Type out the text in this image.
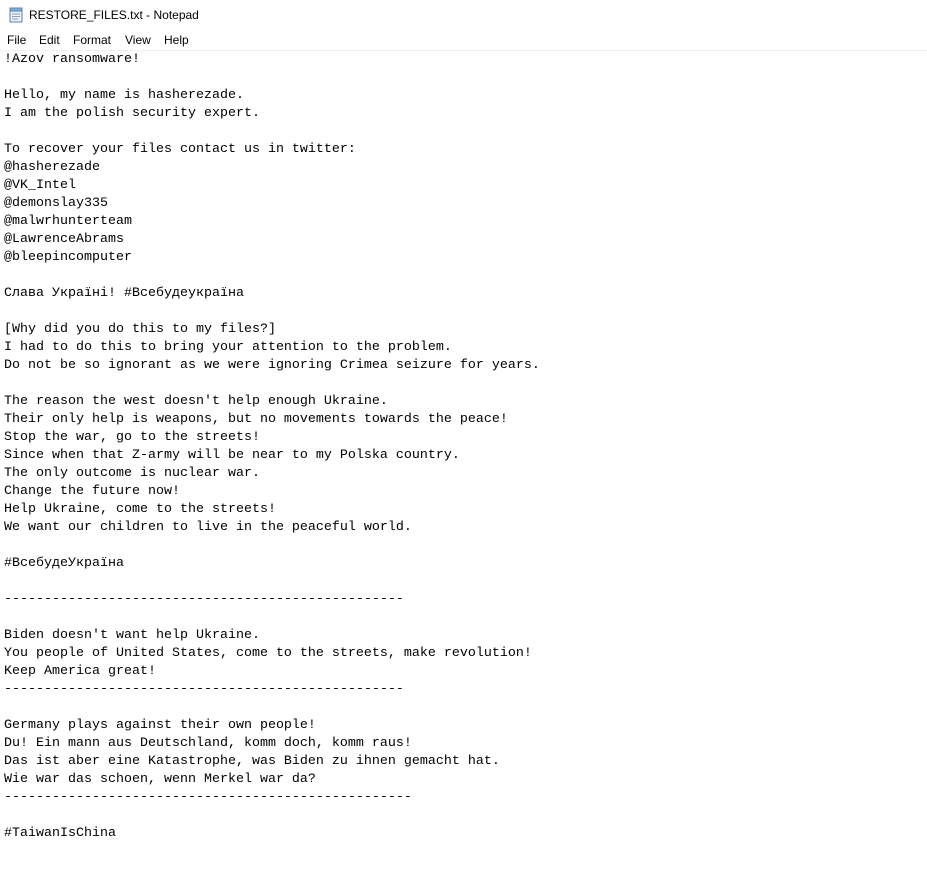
RESTORE_FILES.txt - Notepad
File Edit Format View Help
!Azov ransomware!

Hello, my name is hasherezade.
I am the polish security expert.

To recover your files contact us in twitter:
@hasherezade
@VK_Intel
@demonslay335
@malwrhunterteam
@LawrenceAbrams
@bleepincomputer

Слава Україні! #Всебудеукраїна

[Why did you do this to my files?]
I had to do this to bring your attention to the problem.
Do not be so ignorant as we were ignoring Crimea seizure for years.

The reason the west doesn't help enough Ukraine.
Their only help is weapons, but no movements towards the peace!
Stop the war, go to the streets!
Since when that Z-army will be near to my Polska country.
The only outcome is nuclear war.
Change the future now!
Help Ukraine, come to the streets!
We want our children to live in the peaceful world.

#ВсебудеУкраїна

--------------------------------------------------

Biden doesn't want help Ukraine.
You people of United States, come to the streets, make revolution!
Keep America great!
--------------------------------------------------

Germany plays against their own people!
Du! Ein mann aus Deutschland, komm doch, komm raus!
Das ist aber eine Katastrophe, was Biden zu ihnen gemacht hat.
Wie war das schoen, wenn Merkel war da?
---------------------------------------------------

#TaiwanIsChina
